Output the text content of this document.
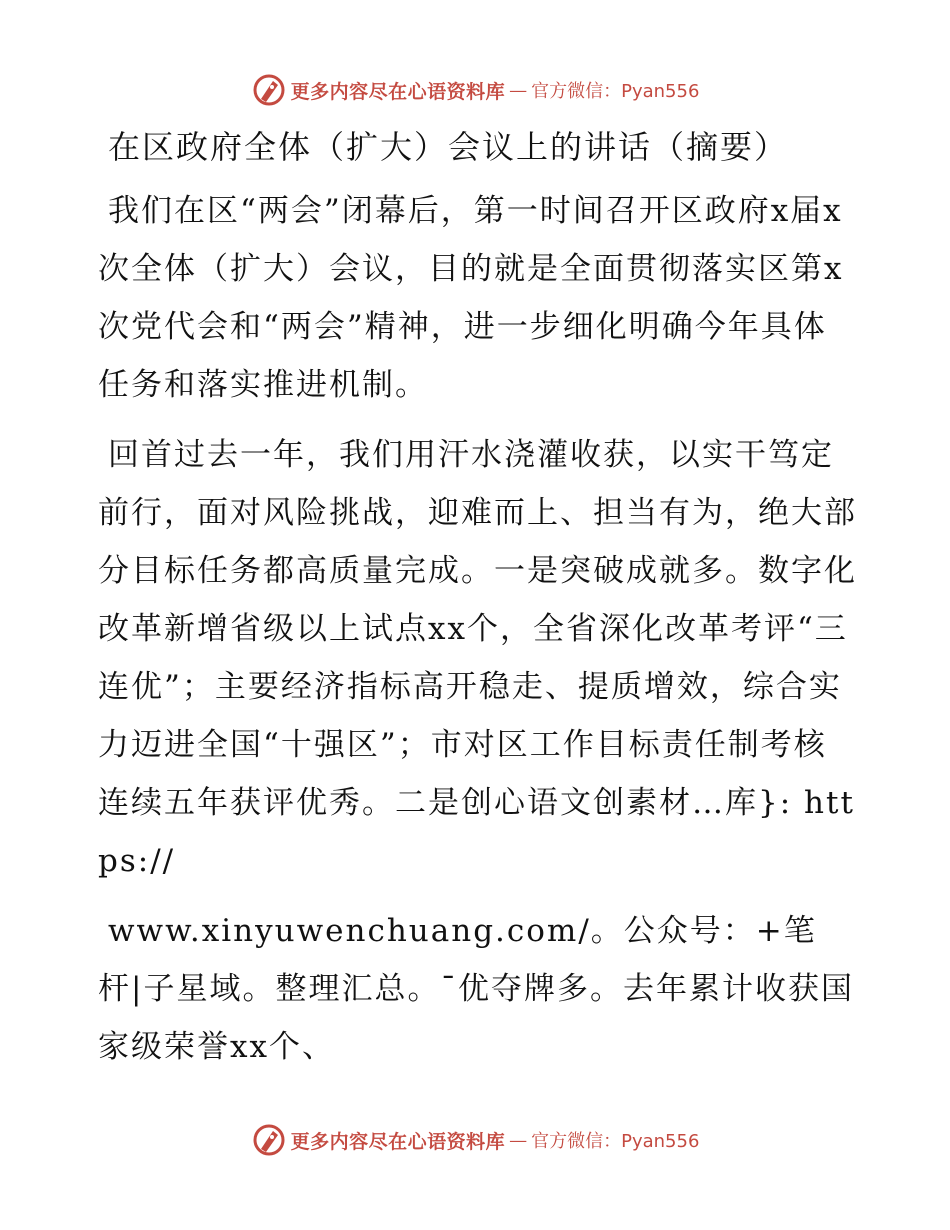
更多内容尽在心语资料库 — 官方微信：Pyan556
在区政府全体（扩大）会议上的讲话（摘要）

我们在区“两会”闭幕后，第一时间召开区政府x届x次全体（扩大）会议，目的就是全面贯彻落实区第x次党代会和“两会”精神，进一步细化明确今年具体任务和落实推进机制。

回首过去一年，我们用汗水浇灌收获，以实干笃定前行，面对风险挑战，迎难而上、担当有为，绝大部分目标任务都高质量完成。一是突破成就多。数字化改革新增省级以上试点xx个，全省深化改革考评“三连优”；主要经济指标高开稳走、提质增效，综合实力迈进全国“十强区”；市对区工作目标责任制考核连续五年获评优秀。二是创心语文创素材…库}: https://

www.xinyuwenchuang.com/。公众号：+笔杆|子星域。整理汇总。¯优夺牌多。去年累计收获国家级荣誉xx个、

更多内容尽在心语资料库 — 官方微信：Pyan556
